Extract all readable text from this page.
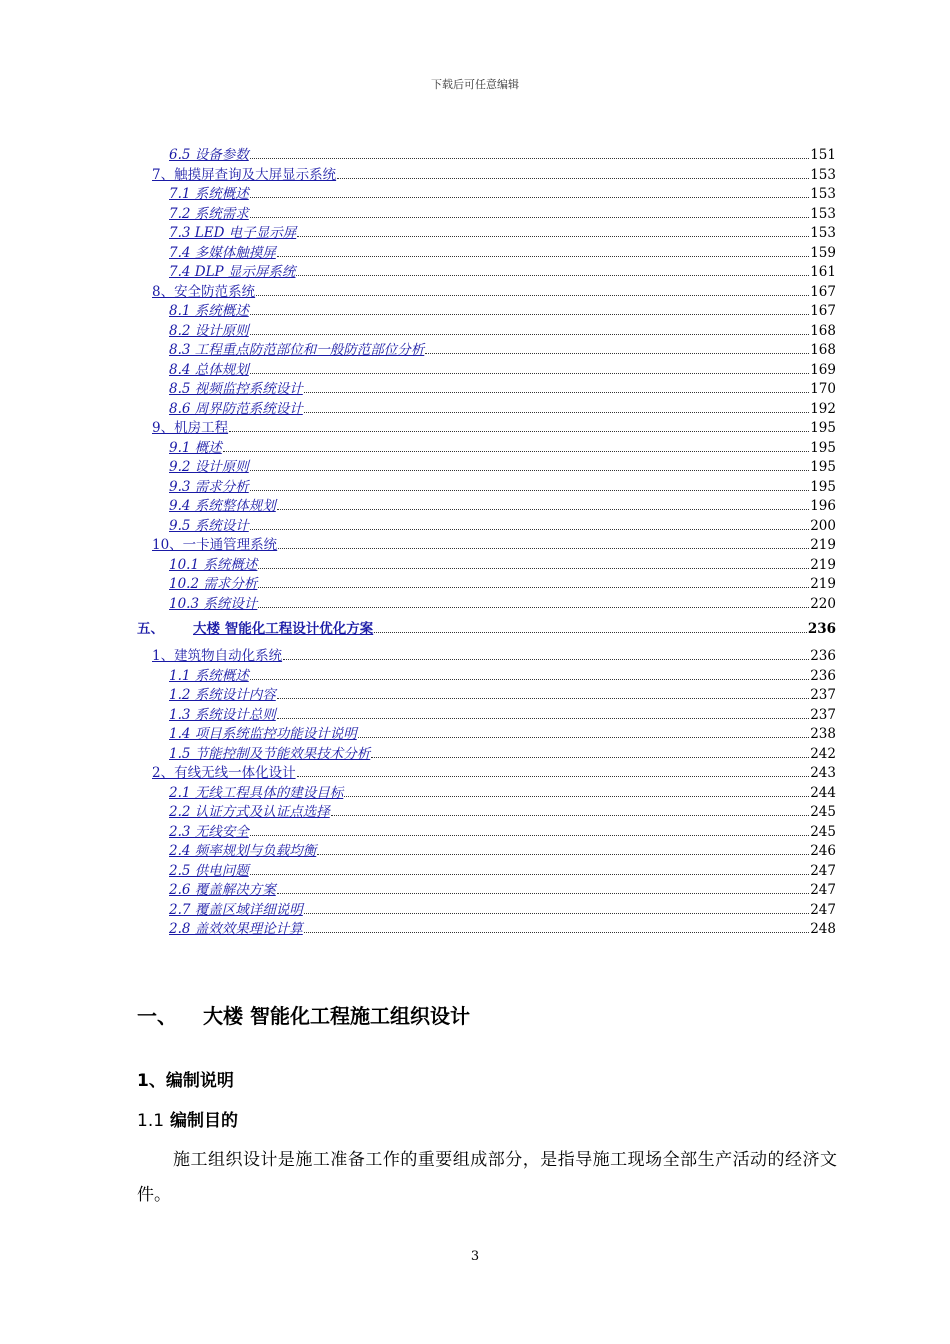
下载后可任意编辑
6.5 设备参数	151
7、触摸屏查询及大屏显示系统	153
7.1 系统概述	153
7.2 系统需求	153
7.3 LED 电子显示屏	153
7.4 多媒体触摸屏	159
7.4 DLP 显示屏系统	161
8、安全防范系统	167
8.1 系统概述	167
8.2 设计原则	168
8.3 工程重点防范部位和一般防范部位分析	168
8.4 总体规划	169
8.5 视频监控系统设计	170
8.6 周界防范系统设计	192
9、机房工程	195
9.1 概述	195
9.2 设计原则	195
9.3 需求分析	195
9.4 系统整体规划	196
9.5 系统设计	200
10、一卡通管理系统	219
10.1 系统概述	219
10.2 需求分析	219
10.3 系统设计	220
五、 大楼 智能化工程设计优化方案	236
1、建筑物自动化系统	236
1.1 系统概述	236
1.2 系统设计内容	237
1.3 系统设计总则	237
1.4 项目系统监控功能设计说明	238
1.5 节能控制及节能效果技术分析	242
2、有线无线一体化设计	243
2.1 无线工程具体的建设目标	244
2.2 认证方式及认证点选择	245
2.3 无线安全	245
2.4 频率规划与负载均衡	246
2.5 供电问题	247
2.6 覆盖解决方案	247
2.7 覆盖区域详细说明	247
2.8 盖效效果理论计算	248
一、 大楼 智能化工程施工组织设计
1、编制说明
1.1 编制目的
施工组织设计是施工准备工作的重要组成部分，是指导施工现场全部生产活动的经济文件。
3
